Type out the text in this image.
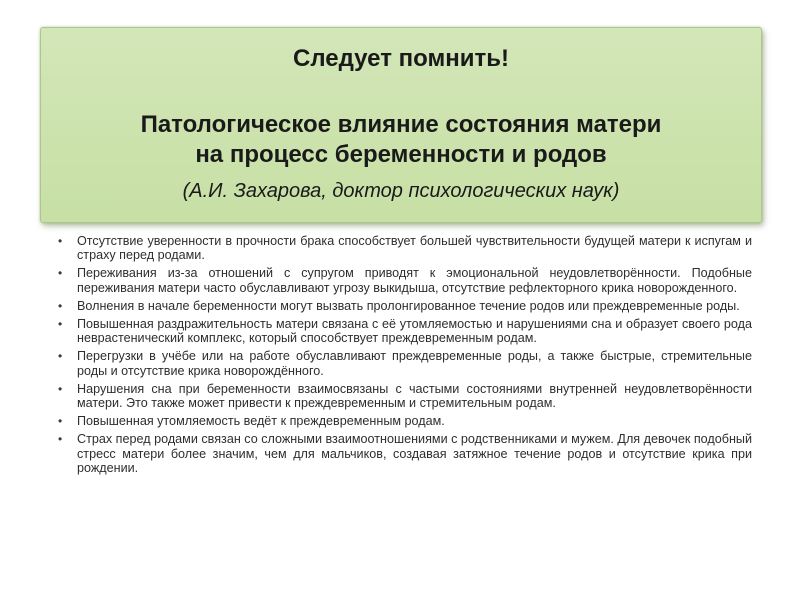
Следует помнить!
Патологическое влияние состояния матери
на процесс беременности и родов
(А.И. Захарова, доктор психологических наук)
• Отсутствие уверенности в прочности брака способствует большей чувствительности будущей матери к испугам и страху перед родами.
• Переживания из-за отношений с супругом приводят к эмоциональной неудовлетворённости. Подобные переживания матери часто обуславливают угрозу выкидыша, отсутствие рефлекторного крика новорожденного.
• Волнения в начале беременности могут вызвать пролонгированное течение родов или преждевременные роды.
• Повышенная раздражительность матери связана с её утомляемостью и нарушениями сна и образует своего рода неврастенический комплекс, который способствует преждевременным родам.
• Перегрузки в учёбе или на работе обуславливают преждевременные роды, а также быстрые, стремительные роды и отсутствие крика новорождённого.
• Нарушения сна при беременности взаимосвязаны с частыми состояниями внутренней неудовлетворённости матери. Это также может привести к преждевременным и стремительным родам.
• Повышенная утомляемость ведёт к преждевременным родам.
• Страх перед родами связан со сложными взаимоотношениями с родственниками и мужем. Для девочек подобный стресс матери более значим, чем для мальчиков, создавая затяжное течение родов и отсутствие крика при рождении.
